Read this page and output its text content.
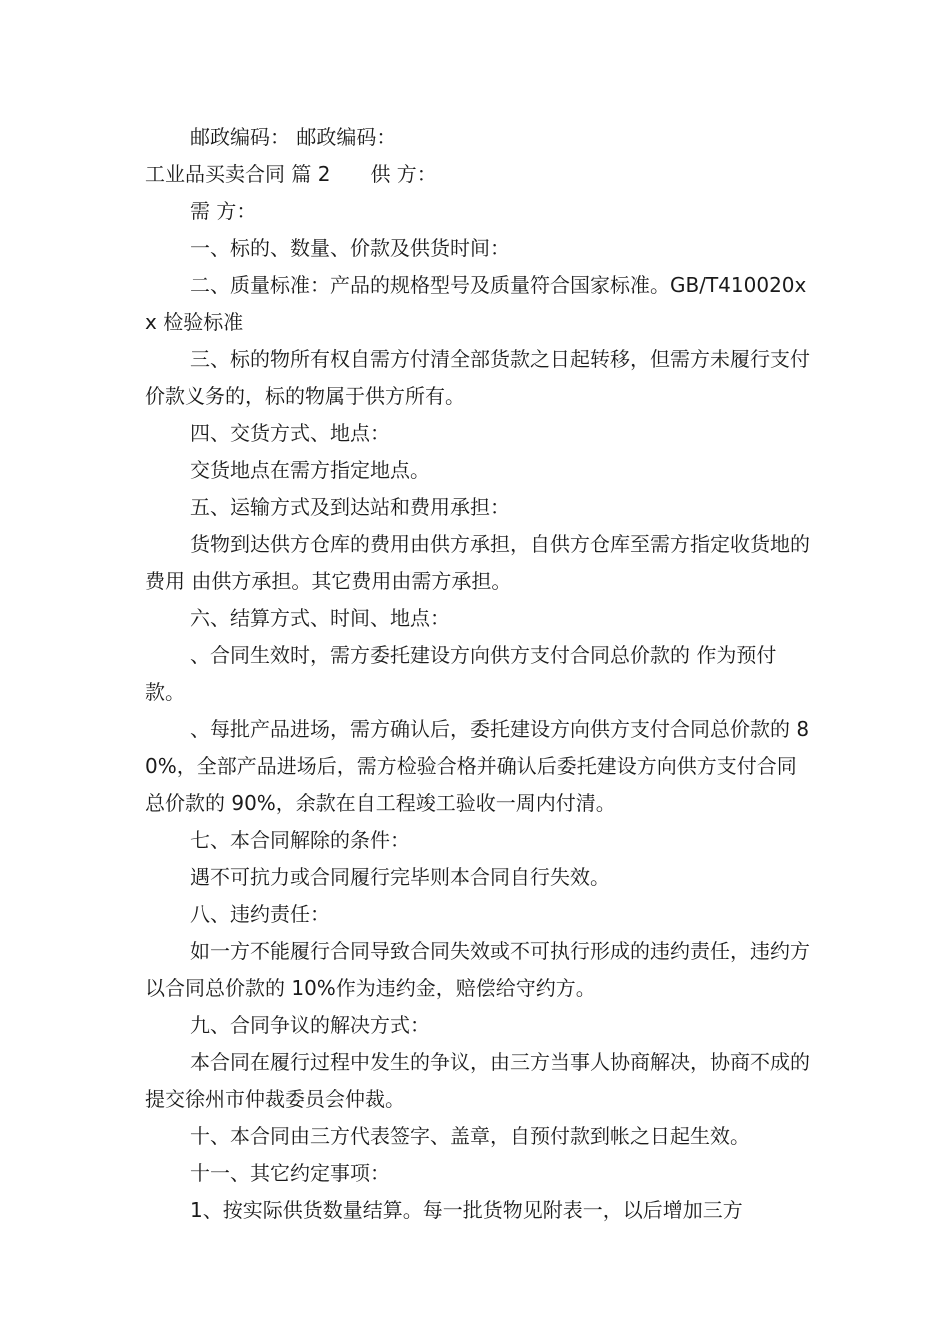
邮政编码： 邮政编码：

工业品买卖合同 篇 2 供 方：

需 方：

一、标的、数量、价款及供货时间：

二、质量标准：产品的规格型号及质量符合国家标准。GB/T410020xx 检验标准

三、标的物所有权自需方付清全部货款之日起转移，但需方未履行支付价款义务的，标的物属于供方所有。

四、交货方式、地点：

交货地点在需方指定地点。

五、运输方式及到达站和费用承担：

货物到达供方仓库的费用由供方承担，自供方仓库至需方指定收货地的费用 由供方承担。其它费用由需方承担。

六、结算方式、时间、地点：

、合同生效时，需方委托建设方向供方支付合同总价款的 作为预付款。

、每批产品进场，需方确认后，委托建设方向供方支付合同总价款的 80%，全部产品进场后，需方检验合格并确认后委托建设方向供方支付合同总价款的 90%，余款在自工程竣工验收一周内付清。

七、本合同解除的条件：

遇不可抗力或合同履行完毕则本合同自行失效。

八、违约责任：

如一方不能履行合同导致合同失效或不可执行形成的违约责任，违约方以合同总价款的 10%作为违约金，赔偿给守约方。

九、合同争议的解决方式：

本合同在履行过程中发生的争议，由三方当事人协商解决，协商不成的提交徐州市仲裁委员会仲裁。

十、本合同由三方代表签字、盖章，自预付款到帐之日起生效。

十一、其它约定事项：

1、按实际供货数量结算。每一批货物见附表一，以后增加三方
